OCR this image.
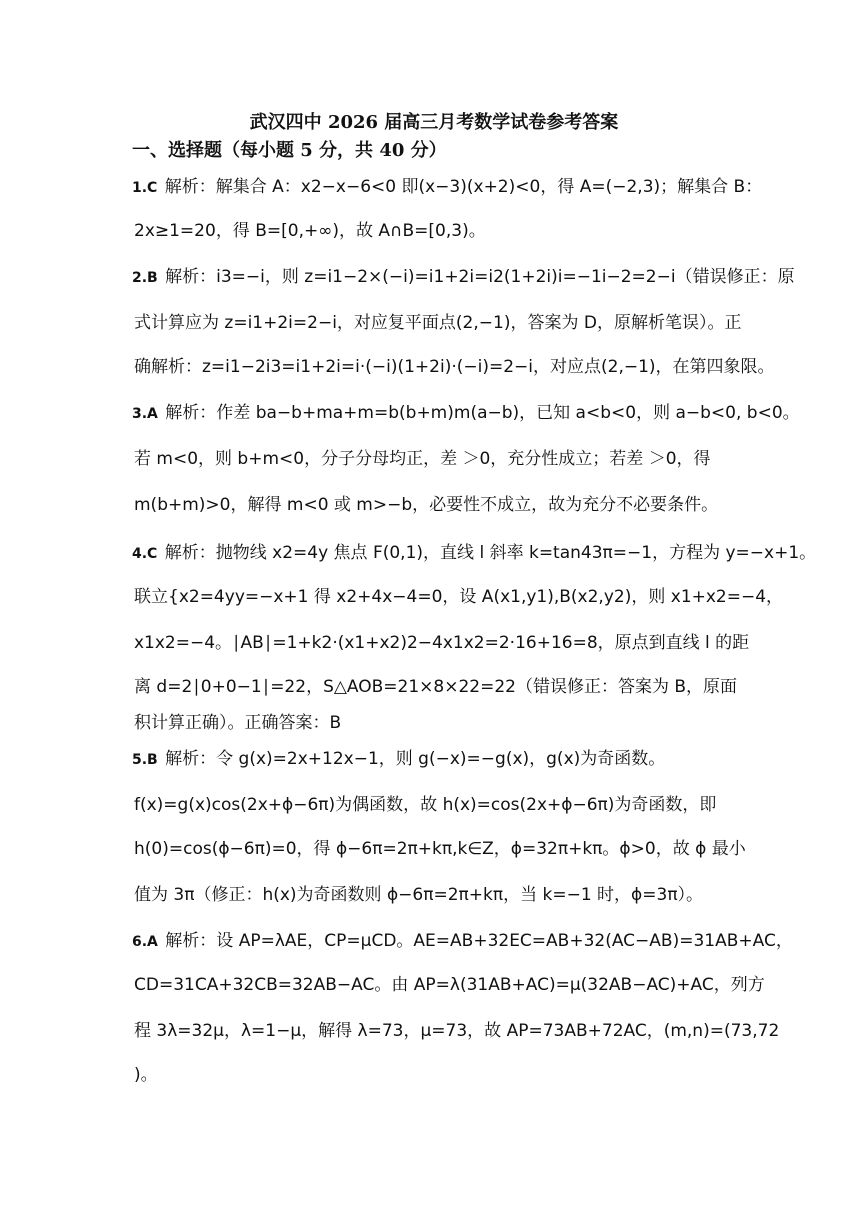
武汉四中 2026 届高三月考数学试卷参考答案
一、选择题（每小题 5 分，共 40 分）
1.C 解析：解集合 A：x2−x−6<0 即(x−3)(x+2)<0，得 A=(−2,3)；解集合 B：
2x≥1=20，得 B=[0,+∞)，故 A∩B=[0,3)。
2.B 解析：i3=−i，则 z=i1−2×(−i)=i1+2i=i2(1+2i)i=−1i−2=2−i（错误修正：原
式计算应为 z=i1+2i=2−i，对应复平面点(2,−1)，答案为 D，原解析笔误）。正
确解析：z=i1−2i3=i1+2i=i·(−i)(1+2i)·(−i)=2−i，对应点(2,−1)，在第四象限。
3.A 解析：作差 ba−b+ma+m=b(b+m)m(a−b)，已知 a<b<0，则 a−b<0, b<0。
若 m<0，则 b+m<0，分子分母均正，差 ＞0，充分性成立；若差 ＞0，得
m(b+m)>0，解得 m<0 或 m>−b，必要性不成立，故为充分不必要条件。
4.C 解析：抛物线 x2=4y 焦点 F(0,1)，直线 l 斜率 k=tan43π=−1，方程为 y=−x+1。
联立{x2=4yy=−x+1 得 x2+4x−4=0，设 A(x1,y1),B(x2,y2)，则 x1+x2=−4，
x1x2=−4。∣AB∣=1+k2·(x1+x2)2−4x1x2=2·16+16=8，原点到直线 l 的距
离 d=2∣0+0−1∣=22，S△AOB=21×8×22=22（错误修正：答案为 B，原面
积计算正确）。正确答案：B
5.B 解析：令 g(x)=2x+12x−1，则 g(−x)=−g(x)，g(x)为奇函数。
f(x)=g(x)cos(2x+ϕ−6π)为偶函数，故 h(x)=cos(2x+ϕ−6π)为奇函数，即
h(0)=cos(ϕ−6π)=0，得 ϕ−6π=2π+kπ,k∈Z，ϕ=32π+kπ。ϕ>0，故 ϕ 最小
值为 3π（修正：h(x)为奇函数则 ϕ−6π=2π+kπ，当 k=−1 时，ϕ=3π）。
6.A 解析：设 AP=λAE，CP=μCD。AE=AB+32EC=AB+32(AC−AB)=31AB+AC，
CD=31CA+32CB=32AB−AC。由 AP=λ(31AB+AC)=μ(32AB−AC)+AC，列方
程 3λ=32μ，λ=1−μ，解得 λ=73，μ=73，故 AP=73AB+72AC，(m,n)=(73,72
)。
